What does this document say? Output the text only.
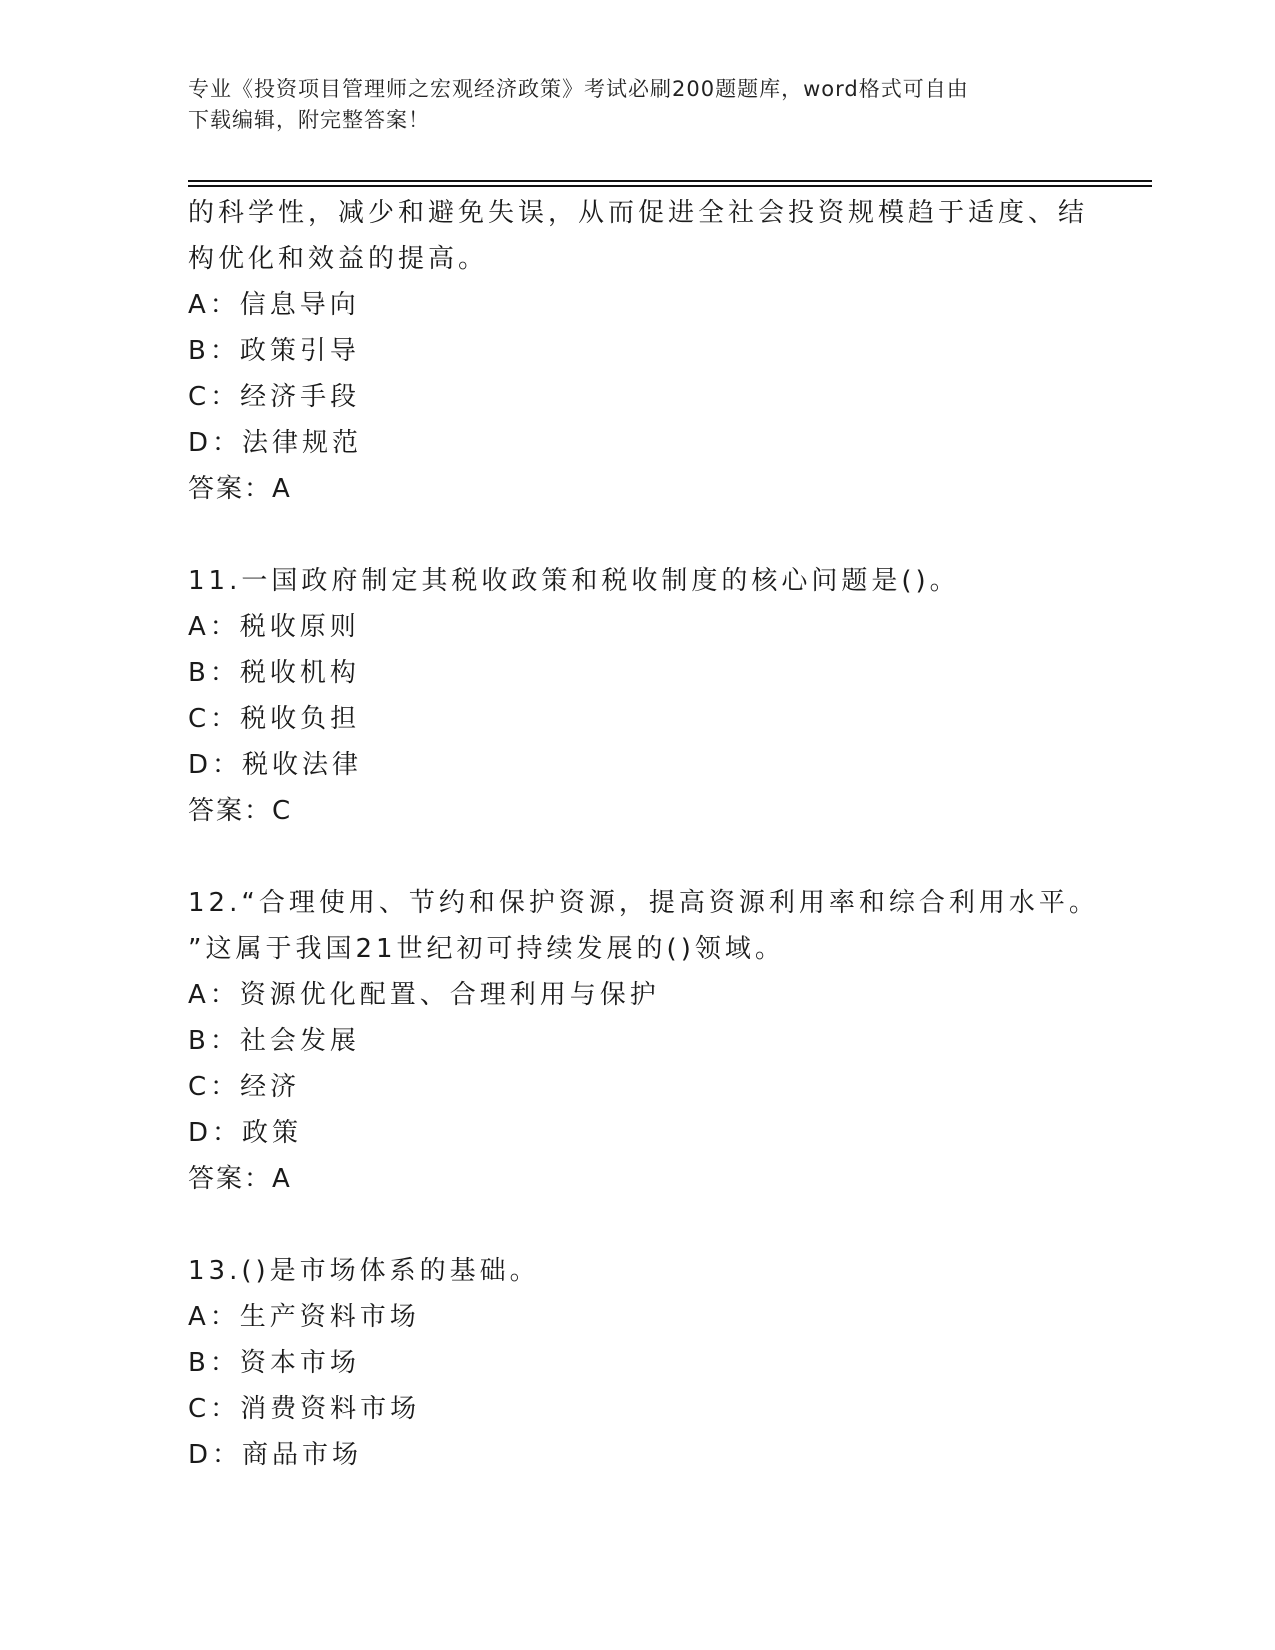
专业《投资项目管理师之宏观经济政策》考试必刷200题题库，word格式可自由

下载编辑，附完整答案！

的科学性，减少和避免失误，从而促进全社会投资规模趋于适度、结
构优化和效益的提高。
A：信息导向
B：政策引导
C：经济手段
D：法律规范
答案：A
11.一国政府制定其税收政策和税收制度的核心问题是()。
A：税收原则
B：税收机构
C：税收负担
D：税收法律
答案：C
12.“合理使用、节约和保护资源，提高资源利用率和综合利用水平。
”这属于我国21世纪初可持续发展的()领域。
A：资源优化配置、合理利用与保护
B：社会发展
C：经济
D：政策
答案：A
13.()是市场体系的基础。
A：生产资料市场
B：资本市场
C：消费资料市场
D：商品市场
